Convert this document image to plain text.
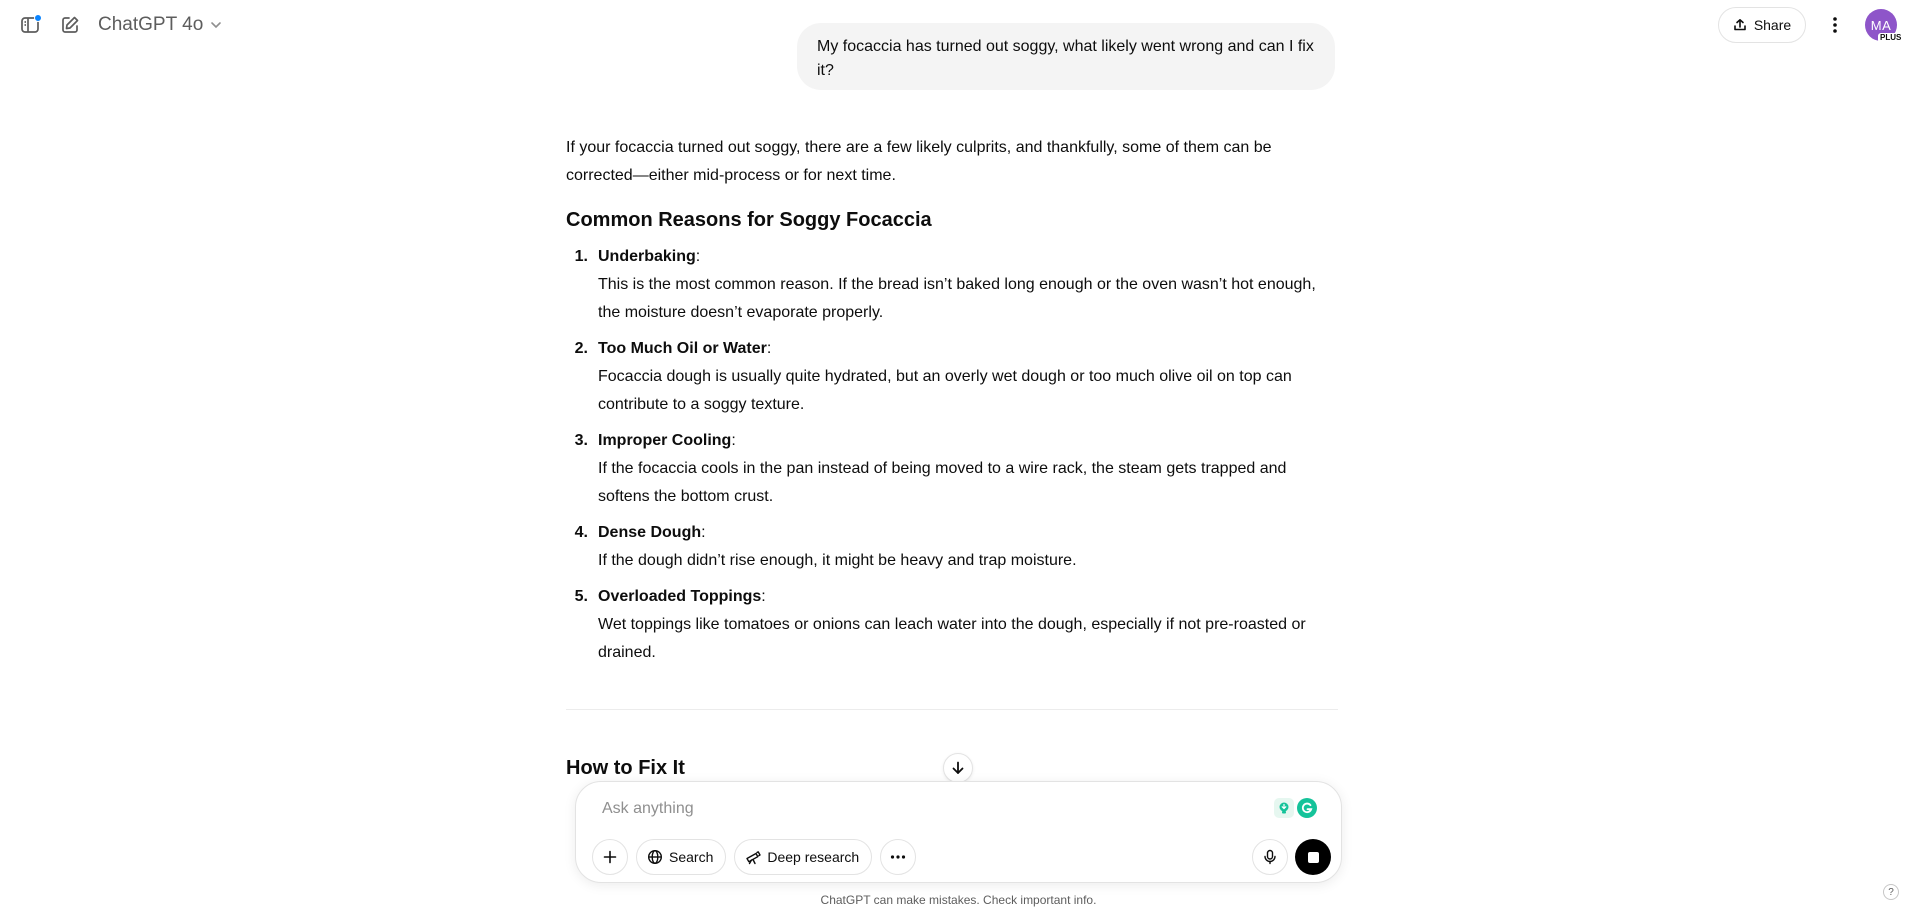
ChatGPT 4o	Share	MA
PLUS
My focaccia has turned out soggy, what likely went wrong and can I fix it?

If your focaccia turned out soggy, there are a few likely culprits, and thankfully, some of them can be corrected—either mid-process or for next time.

Common Reasons for Soggy Focaccia
1. Underbaking:
This is the most common reason. If the bread isn’t baked long enough or the oven wasn’t hot enough, the moisture doesn’t evaporate properly.
2. Too Much Oil or Water:
Focaccia dough is usually quite hydrated, but an overly wet dough or too much olive oil on top can contribute to a soggy texture.
3. Improper Cooling:
If the focaccia cools in the pan instead of being moved to a wire rack, the steam gets trapped and softens the bottom crust.
4. Dense Dough:
If the dough didn’t rise enough, it might be heavy and trap moisture.
5. Overloaded Toppings:
Wet toppings like tomatoes or onions can leach water into the dough, especially if not pre-roasted or drained.
How to Fix It
Ask anything
Search	Deep research
ChatGPT can make mistakes. Check important info.
?
